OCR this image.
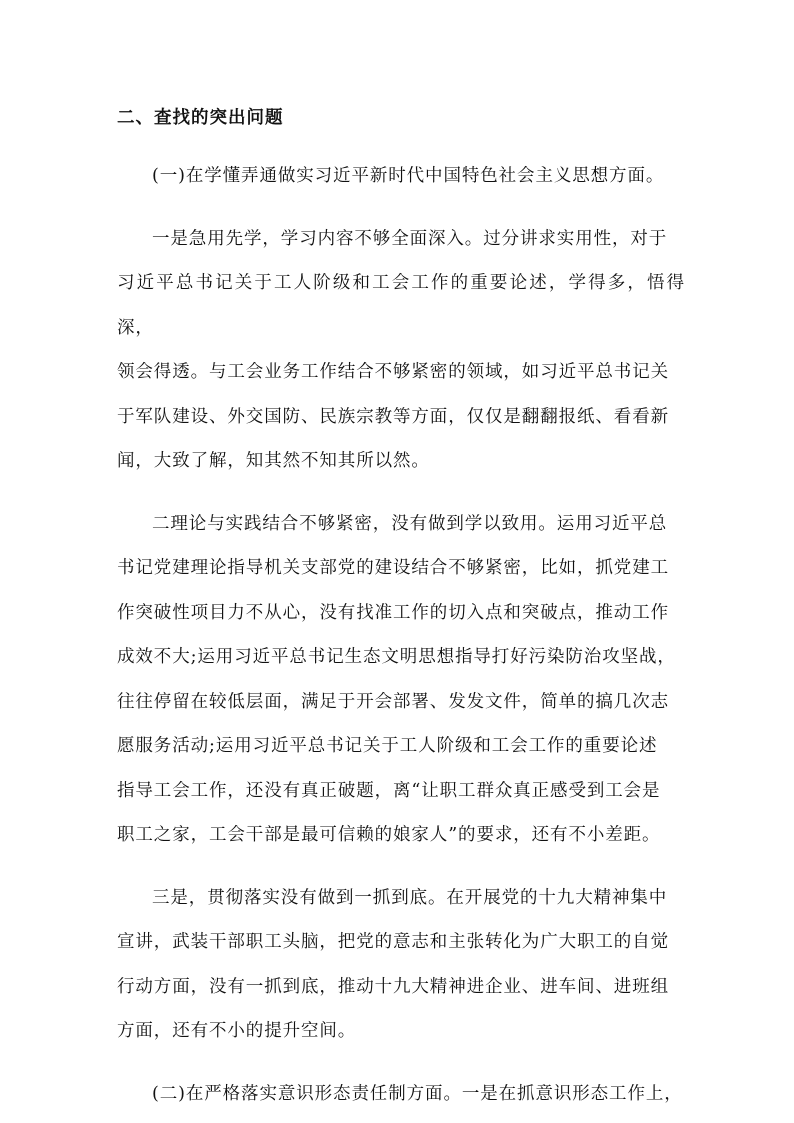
二、查找的突出问题

(一)在学懂弄通做实习近平新时代中国特色社会主义思想方面。

一是急用先学，学习内容不够全面深入。过分讲求实用性，对于
习近平总书记关于工人阶级和工会工作的重要论述，学得多，悟得深，
领会得透。与工会业务工作结合不够紧密的领域，如习近平总书记关
于军队建设、外交国防、民族宗教等方面，仅仅是翻翻报纸、看看新
闻，大致了解，知其然不知其所以然。

二理论与实践结合不够紧密，没有做到学以致用。运用习近平总
书记党建理论指导机关支部党的建设结合不够紧密，比如，抓党建工
作突破性项目力不从心，没有找准工作的切入点和突破点，推动工作
成效不大;运用习近平总书记生态文明思想指导打好污染防治攻坚战，
往往停留在较低层面，满足于开会部署、发发文件，简单的搞几次志
愿服务活动;运用习近平总书记关于工人阶级和工会工作的重要论述
指导工会工作，还没有真正破题，离“让职工群众真正感受到工会是
职工之家，工会干部是最可信赖的娘家人”的要求，还有不小差距。

三是，贯彻落实没有做到一抓到底。在开展党的十九大精神集中
宣讲，武装干部职工头脑，把党的意志和主张转化为广大职工的自觉
行动方面，没有一抓到底，推动十九大精神进企业、进车间、进班组
方面，还有不小的提升空间。

(二)在严格落实意识形态责任制方面。一是在抓意识形态工作上，
